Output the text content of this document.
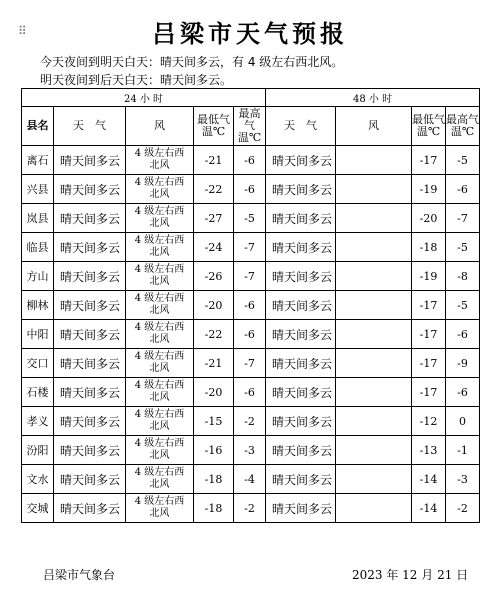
⠿	吕梁市天气预报
今天夜间到明天白天：晴天间多云，有 4 级左右西北风。
明天夜间到后天白天：晴天间多云。
24 小 时					48 小 时			
县名	天　气	风	最低气温℃	最高气温℃	天　气	风	最低气温℃	最高气温℃
离石	晴天间多云	4 级左右西北风	-21	-6	晴天间多云		-17	-5
兴县	晴天间多云	4 级左右西北风	-22	-6	晴天间多云		-19	-6
岚县	晴天间多云	4 级左右西北风	-27	-5	晴天间多云		-20	-7
临县	晴天间多云	4 级左右西北风	-24	-7	晴天间多云		-18	-5
方山	晴天间多云	4 级左右西北风	-26	-7	晴天间多云		-19	-8
柳林	晴天间多云	4 级左右西北风	-20	-6	晴天间多云		-17	-5
中阳	晴天间多云	4 级左右西北风	-22	-6	晴天间多云		-17	-6
交口	晴天间多云	4 级左右西北风	-21	-7	晴天间多云		-17	-9
石楼	晴天间多云	4 级左右西北风	-20	-6	晴天间多云		-17	-6
孝义	晴天间多云	4 级左右西北风	-15	-2	晴天间多云		-12	0
汾阳	晴天间多云	4 级左右西北风	-16	-3	晴天间多云		-13	-1
文水	晴天间多云	4 级左右西北风	-18	-4	晴天间多云		-14	-3
交城	晴天间多云	4 级左右西北风	-18	-2	晴天间多云		-14	-2
吕梁市气象台	2023 年 12 月 21 日
